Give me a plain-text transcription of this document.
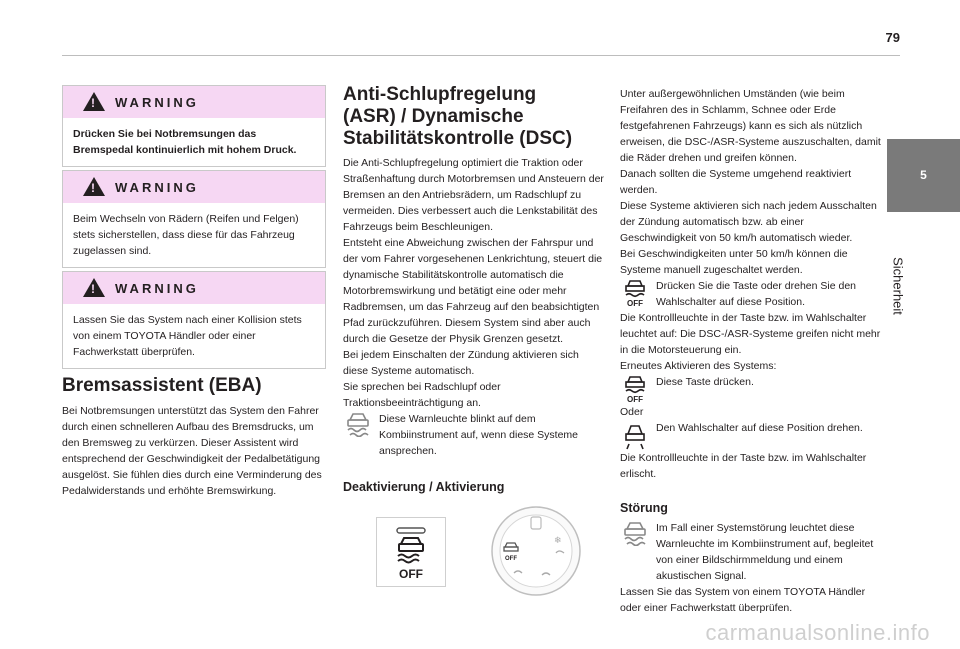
79
5
Sicherheit
!
WARNING
Drücken Sie bei Notbremsungen das Bremspedal kontinuierlich mit hohem Druck.
!
WARNING
Beim Wechseln von Rädern (Reifen und Felgen) stets sicherstellen, dass diese für das Fahrzeug zugelassen sind.
!
WARNING
Lassen Sie das System nach einer Kollision stets von einem TOYOTA Händler oder einer Fachwerkstatt überprüfen.
Bremsassistent (EBA)
Bei Notbremsungen unterstützt das System den Fahrer durch einen schnelleren Aufbau des Bremsdrucks, um den Bremsweg zu verkürzen. Dieser Assistent wird entsprechend der Geschwindigkeit der Pedalbetätigung ausgelöst. Sie fühlen dies durch eine Verminderung des Pedalwiderstands und erhöhte Bremswirkung.
Anti-Schlupfregelung
(ASR) / Dynamische
Stabilitätskontrolle (DSC)

Die Anti-Schlupfregelung optimiert die Traktion oder Straßenhaftung durch Motorbremsen und Ansteuern der Bremsen an den Antriebsrädern, um Radschlupf zu vermeiden. Dies verbessert auch die Lenkstabilität des Fahrzeugs beim Beschleunigen.

Entsteht eine Abweichung zwischen der Fahrspur und der vom Fahrer vorgesehenen Lenkrichtung, steuert die dynamische Stabilitätskontrolle automatisch die Motorbremswirkung und betätigt eine oder mehr Radbremsen, um das Fahrzeug auf den beabsichtigten Pfad zurückzuführen. Diesem System sind aber auch durch die Gesetze der Physik Grenzen gesetzt.

Bei jedem Einschalten der Zündung aktivieren sich diese Systeme automatisch.

Sie sprechen bei Radschlupf oder Traktionsbeeinträchtigung an.

Diese Warnleuchte blinkt auf dem Kombiinstrument auf, wenn diese Systeme ansprechen.

Deaktivierung / Aktivierung
OFF
OFF
❄

Unter außergewöhnlichen Umständen (wie beim Freifahren des in Schlamm, Schnee oder Erde festgefahrenen Fahrzeugs) kann es sich als nützlich erweisen, die DSC-/ASR-Systeme auszuschalten, damit die Räder drehen und greifen können.

Danach sollten die Systeme umgehend reaktiviert werden.

Diese Systeme aktivieren sich nach jedem Ausschalten der Zündung automatisch bzw. ab einer Geschwindigkeit von 50 km/h automatisch wieder.

Bei Geschwindigkeiten unter 50 km/h können die Systeme manuell zugeschaltet werden.

OFF

Drücken Sie die Taste oder drehen Sie den Wahlschalter auf diese Position.

Die Kontrollleuchte in der Taste bzw. im Wahlschalter leuchtet auf: Die DSC-/ASR-Systeme greifen nicht mehr in die Motorsteuerung ein.

Erneutes Aktivieren des Systems:

OFF

Diese Taste drücken.

Oder

Den Wahlschalter auf diese Position drehen.

Die Kontrollleuchte in der Taste bzw. im Wahlschalter erlischt.

Störung

Im Fall einer Systemstörung leuchtet diese Warnleuchte im Kombiinstrument auf, begleitet von einer Bildschirmmeldung und einem akustischen Signal.

Lassen Sie das System von einem TOYOTA Händler oder einer Fachwerkstatt überprüfen.

carmanualsonline.info
